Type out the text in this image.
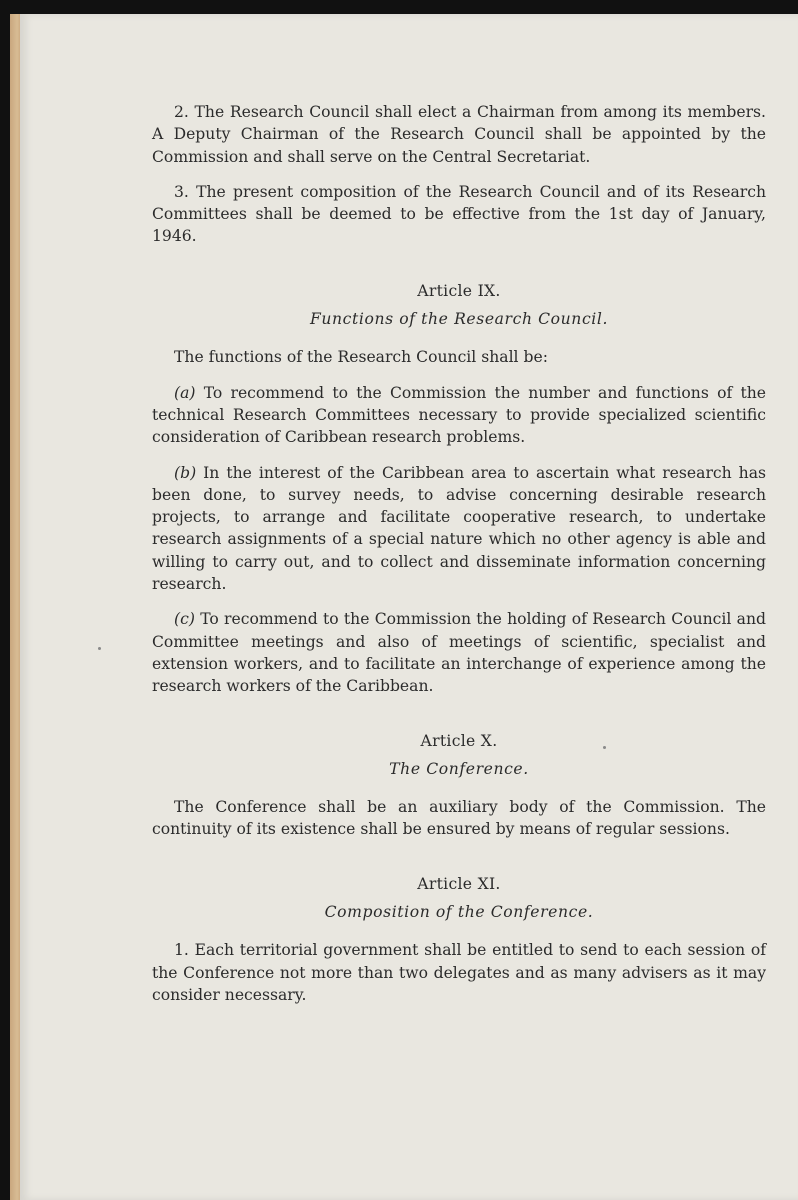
2. The Research Council shall elect a Chairman from among its members. A Deputy Chairman of the Research Council shall be appointed by the Commission and shall serve on the Central Secretariat.

3. The present composition of the Research Council and of its Research Committees shall be deemed to be effective from the 1st day of January, 1946.

Article IX.
Functions of the Research Council.

The functions of the Research Council shall be:

(a) To recommend to the Commission the number and functions of the technical Research Committees necessary to provide specialized scientific consideration of Caribbean research problems.

(b) In the interest of the Caribbean area to ascertain what research has been done, to survey needs, to advise concerning desirable research projects, to arrange and facilitate cooperative research, to undertake research assignments of a special nature which no other agency is able and willing to carry out, and to collect and disseminate information concerning research.

(c) To recommend to the Commission the holding of Research Council and Committee meetings and also of meetings of scientific, specialist and extension workers, and to facilitate an interchange of experience among the research workers of the Caribbean.

Article X.
The Conference.

The Conference shall be an auxiliary body of the Commission. The continuity of its existence shall be ensured by means of regular sessions.

Article XI.
Composition of the Conference.

1. Each territorial government shall be entitled to send to each session of the Conference not more than two delegates and as many advisers as it may consider necessary.
